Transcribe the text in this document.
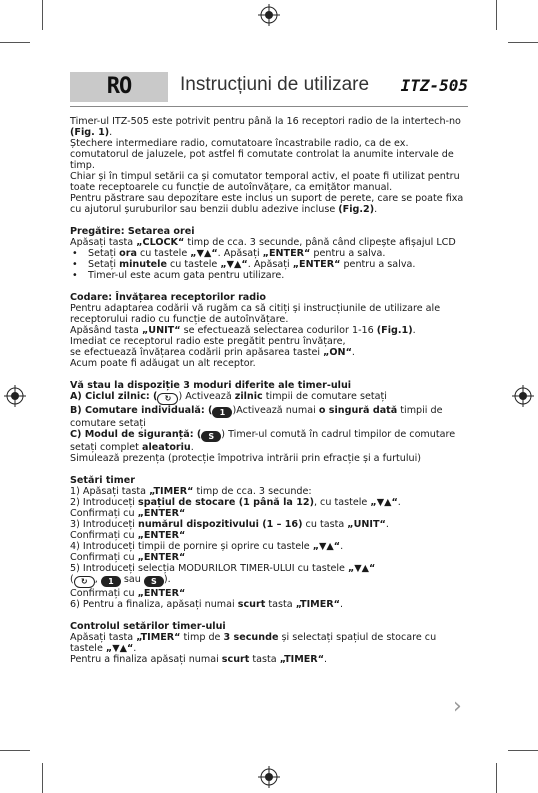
RO	Instrucțiuni de utilizare ITZ-505

Timer-ul ITZ-505 este potrivit pentru până la 16 receptori radio de la intertech-no (Fig. 1).

Ștechere intermediare radio, comutatoare încastrabile radio, ca de ex. comutatorul de jaluzele, pot astfel fi comutate controlat la anumite intervale de timp.

Chiar și în timpul setării ca și comutator temporal activ, el poate fi utilizat pentru toate receptoarele cu funcție de autoînvățare, ca emițător manual.

Pentru păstrare sau depozitare este inclus un suport de perete, care se poate fixa cu ajutorul șuruburilor sau benzii dublu adezive incluse (Fig.2).

Pregătire: Setarea orei

Apăsați tasta „CLOCK“ timp de cca. 3 secunde, până când clipește afișajul LCD

• Setați ora cu tastele „▼▲“. Apăsați „ENTER“ pentru a salva.

• Setați minutele cu tastele „▼▲“. Apăsați „ENTER“ pentru a salva.

• Timer-ul este acum gata pentru utilizare.

Codare: Învățarea receptorilor radio

Pentru adaptarea codării vă rugăm ca să citiți și instrucțiunile de utilizare ale receptorului radio cu funcție de autoînvățare.

Apăsând tasta „UNIT“ se efectuează selectarea codurilor 1-16 (Fig.1).

Imediat ce receptorul radio este pregătit pentru învățare,

se efectuează învățarea codării prin apăsarea tastei „ON“.

Acum poate fi adăugat un alt receptor.

Vă stau la dispoziție 3 moduri diferite ale timer-ului

A) Ciclul zilnic: ( ↻ ) Activează zilnic timpii de comutare setați

B) Comutare individuală: ( 1 )Activează numai o singură dată timpii de comutare setați

C) Modul de siguranță: ( S ) Timer-ul comută în cadrul timpilor de comutare setați complet aleatoriu.

Simulează prezența (protecție împotriva intrării prin efracție și a furtului)

Setări timer

1) Apăsați tasta „TIMER“ timp de cca. 3 secunde:

2) Introduceți spațiul de stocare (1 până la 12), cu tastele „▼▲“.

Confirmați cu „ENTER“

3) Introduceți numărul dispozitivului (1 – 16) cu tasta „UNIT“.

Confirmați cu „ENTER“

4) Introduceți timpii de pornire și oprire cu tastele „▼▲“.

Confirmați cu „ENTER“

5) Introduceți selecția MODURILOR TIMER-ULUI cu tastele „▼▲“

( ↻ , 1 sau S ).

Confirmați cu „ENTER“

6) Pentru a finaliza, apăsați numai scurt tasta „TIMER“.

Controlul setărilor timer-ului

Apăsați tasta „TIMER“ timp de 3 secunde și selectați spațiul de stocare cu tastele „▼▲“.

Pentru a finaliza apăsați numai scurt tasta „TIMER“.

›
